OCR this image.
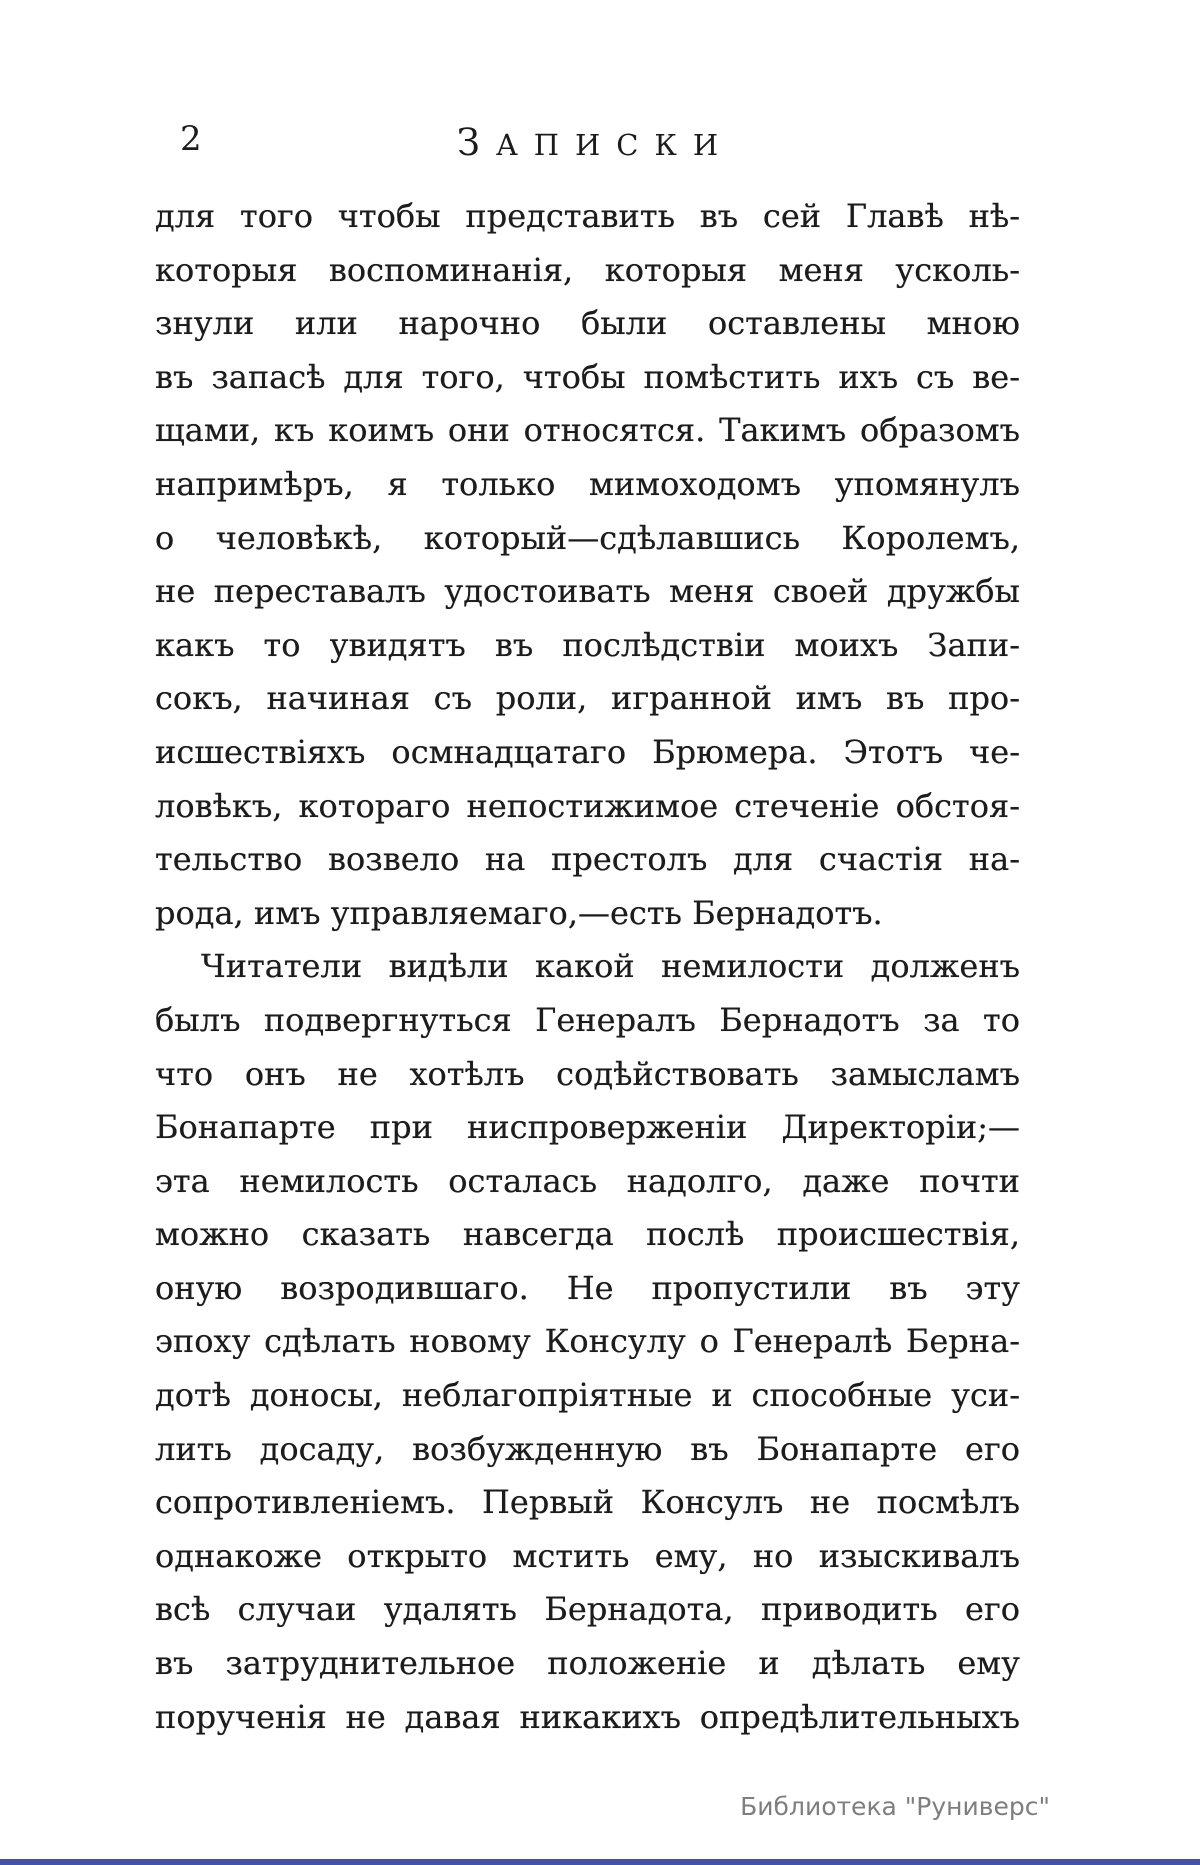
2	ЗАПИСКИ
для того чтобы представить въ сей Главѣ нѣ-
которыя воспоминанія, которыя меня усколь-
знули или нарочно были оставлены мною
въ запасѣ для того, чтобы помѣстить ихъ съ ве-
щами, къ коимъ они относятся. Такимъ образомъ
напримѣръ, я только мимоходомъ упомянулъ
о человѣкѣ, который—сдѣлавшись Королемъ,
не переставалъ удостоивать меня своей дружбы
какъ то увидятъ въ послѣдствіи моихъ Запи-
сокъ, начиная съ роли, игранной имъ въ про-
исшествіяхъ осмнадцатаго Брюмера. Этотъ че-
ловѣкъ, котораго непостижимое стеченіе обстоя-
тельство возвело на престолъ для счастія на-
рода, имъ управляемаго,—есть Бернадотъ.
Читатели видѣли какой немилости долженъ
былъ подвергнуться Генералъ Бернадотъ за то
что онъ не хотѣлъ содѣйствовать замысламъ
Бонапарте при ниспроверженіи Директоріи;—
эта немилость осталась надолго, даже почти
можно сказать навсегда послѣ происшествія,
оную возродившаго. Не пропустили въ эту
эпоху сдѣлать новому Консулу о Генералѣ Берна-
дотѣ доносы, неблагопріятные и способные уси-
лить досаду, возбужденную въ Бонапарте его
сопротивленіемъ. Первый Консулъ не посмѣлъ
однакоже открыто мстить ему, но изыскивалъ
всѣ случаи удалять Бернадота, приводить его
въ затруднительное положеніе и дѣлать ему
порученія не давая никакихъ опредѣлительныхъ
Библиотека "Руниверс"
